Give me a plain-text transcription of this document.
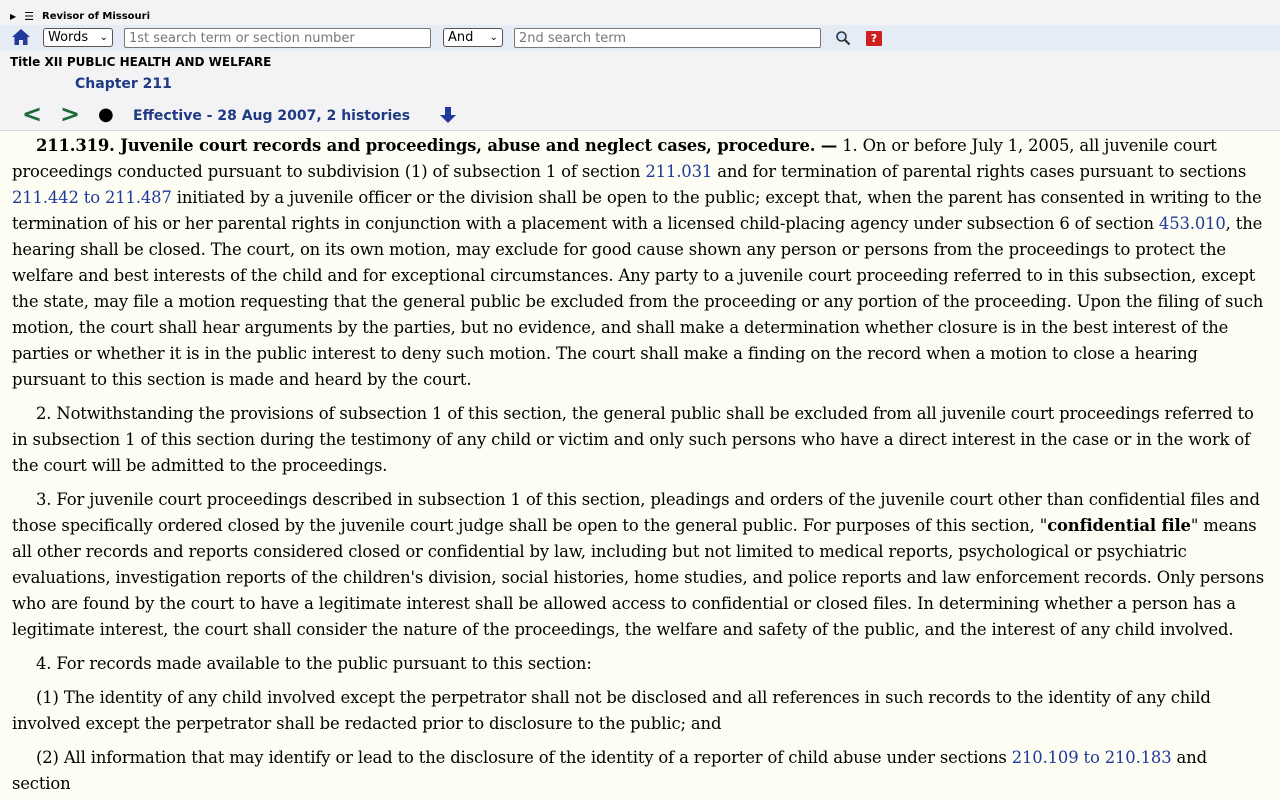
▶ ☰ Revisor of Missouri
Words ⌄
1st search term or section number	And ⌄
2nd search term	?
Title XII PUBLIC HEALTH AND WELFARE
Chapter 211
< > ●	Effective - 28 Aug 2007, 2 histories

211.319. Juvenile court records and proceedings, abuse and neglect cases, procedure. — 1. On or before July 1, 2005, all juvenile court proceedings conducted pursuant to subdivision (1) of subsection 1 of section 211.031 and for termination of parental rights cases pursuant to sections 211.442 to 211.487 initiated by a juvenile officer or the division shall be open to the public; except that, when the parent has consented in writing to the termination of his or her parental rights in conjunction with a placement with a licensed child-placing agency under subsection 6 of section 453.010, the hearing shall be closed. The court, on its own motion, may exclude for good cause shown any person or persons from the proceedings to protect the welfare and best interests of the child and for exceptional circumstances. Any party to a juvenile court proceeding referred to in this subsection, except the state, may file a motion requesting that the general public be excluded from the proceeding or any portion of the proceeding. Upon the filing of such motion, the court shall hear arguments by the parties, but no evidence, and shall make a determination whether closure is in the best interest of the parties or whether it is in the public interest to deny such motion. The court shall make a finding on the record when a motion to close a hearing pursuant to this section is made and heard by the court.

2. Notwithstanding the provisions of subsection 1 of this section, the general public shall be excluded from all juvenile court proceedings referred to in subsection 1 of this section during the testimony of any child or victim and only such persons who have a direct interest in the case or in the work of the court will be admitted to the proceedings.

3. For juvenile court proceedings described in subsection 1 of this section, pleadings and orders of the juvenile court other than confidential files and those specifically ordered closed by the juvenile court judge shall be open to the general public. For purposes of this section, "confidential file" means all other records and reports considered closed or confidential by law, including but not limited to medical reports, psychological or psychiatric evaluations, investigation reports of the children's division, social histories, home studies, and police reports and law enforcement records. Only persons who are found by the court to have a legitimate interest shall be allowed access to confidential or closed files. In determining whether a person has a legitimate interest, the court shall consider the nature of the proceedings, the welfare and safety of the public, and the interest of any child involved.

4. For records made available to the public pursuant to this section:

(1) The identity of any child involved except the perpetrator shall not be disclosed and all references in such records to the identity of any child involved except the perpetrator shall be redacted prior to disclosure to the public; and

(2) All information that may identify or lead to the disclosure of the identity of a reporter of child abuse under sections 210.109 to 210.183 and section
